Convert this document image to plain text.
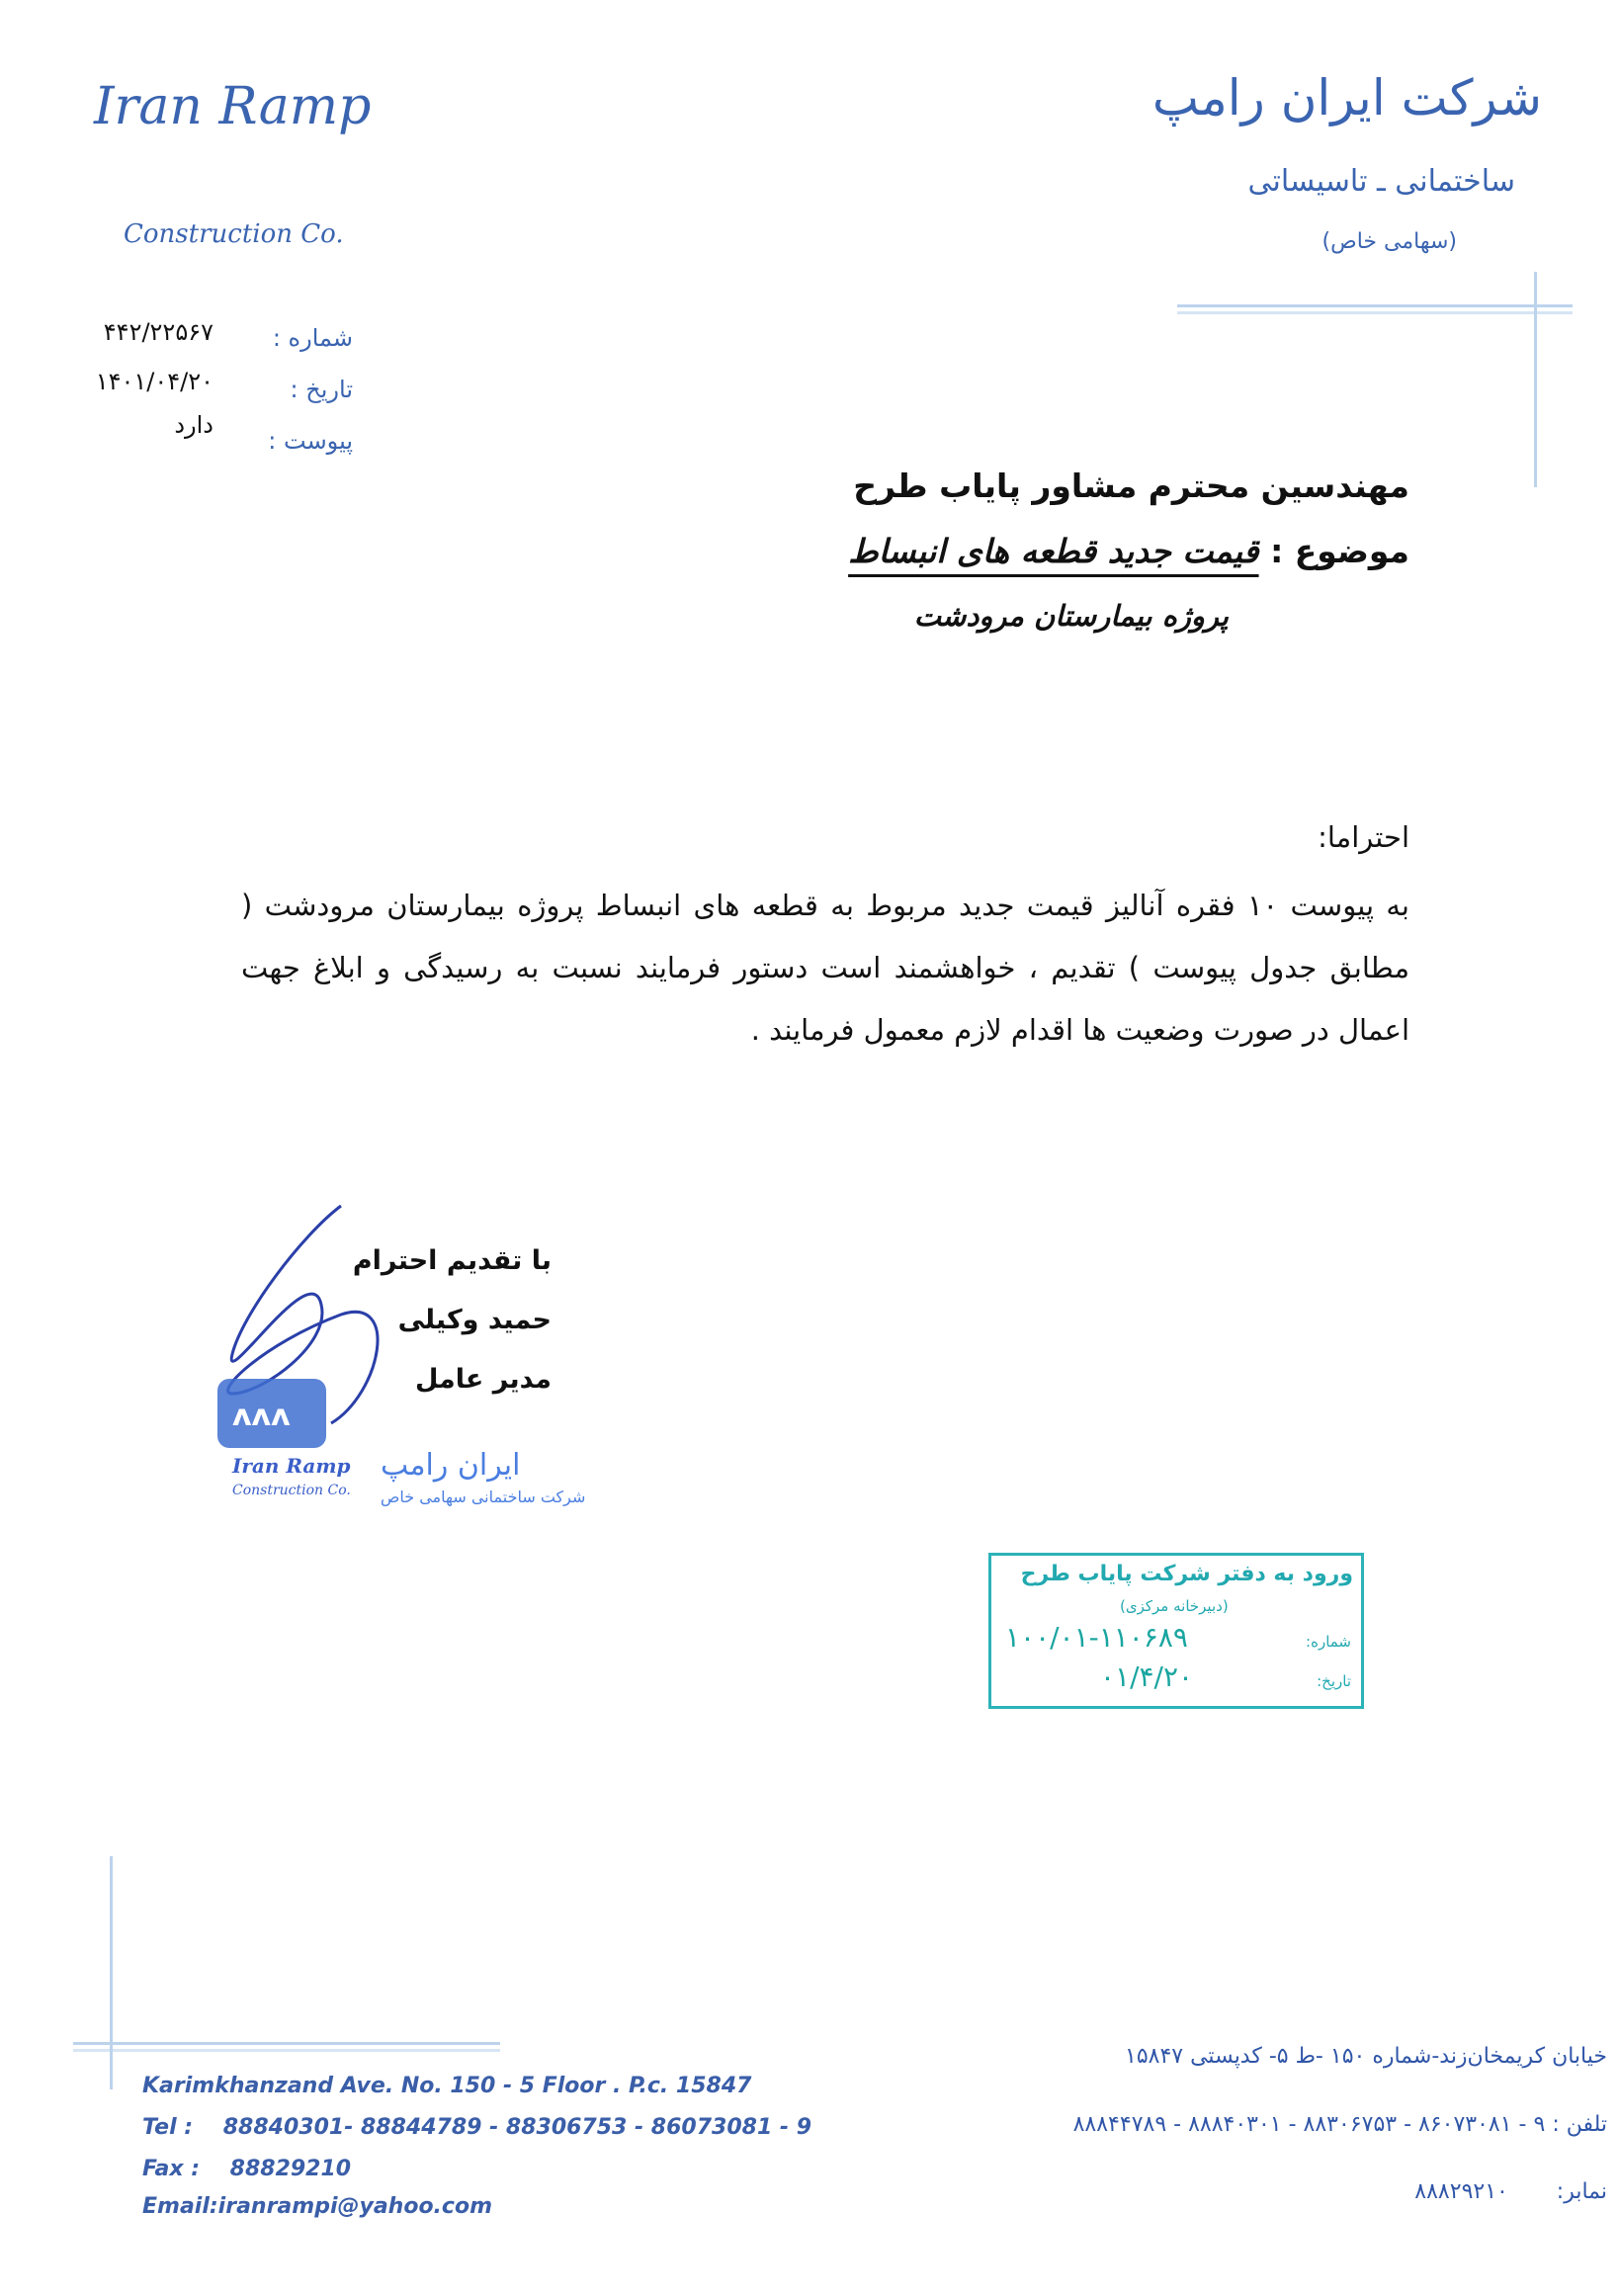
Iran Ramp
Construction Co.
شرکت ایران رامپ
ساختمانی ـ تاسیساتی
(سهامی خاص)
شماره :
۴۴۲/۲۲۵۶۷
تاریخ :
۱۴۰۱/۰۴/۲۰
پیوست :
دارد
مهندسین محترم مشاور پایاب طرح
موضوع : قیمت جدید قطعه های انبساط
پروژه بیمارستان مرودشت
احتراما:
به پیوست ۱۰ فقره آنالیز قیمت جدید مربوط به قطعه های انبساط پروژه بیمارستان مرودشت ( مطابق جدول پیوست ) تقدیم ، خواهشمند است دستور فرمایند نسبت به رسیدگی و ابلاغ جهت اعمال در صورت وضعیت ها اقدام لازم معمول فرمایند .
ʌʌʌ
Iran Ramp
Construction Co.
ایران رامپ
شرکت ساختمانی سهامی خاص
با تقدیم احترام
حمید وکیلی
مدیر عامل
ورود به دفتر شرکت پایاب طرح
(دبیرخانه مرکزی)
شماره:
۱۰۰/۰۱-۱۱۰۶۸۹
تاریخ:
۰۱/۴/۲۰
Karimkhanzand Ave. No. 150 - 5 Floor . P.c. 15847
Tel : 88840301- 88844789 - 88306753 - 86073081 - 9
Fax : 88829210
Email:iranrampi@yahoo.com
خیابان کریمخان‌زند-شماره ۱۵۰ -ط ۵- کدپستی ۱۵۸۴۷
تلفن : ۹ - ۸۶۰۷۳۰۸۱ - ۸۸۳۰۶۷۵۳ - ۸۸۸۴۰۳۰۱ - ۸۸۸۴۴۷۸۹
نمابر:       ۸۸۸۲۹۲۱۰
